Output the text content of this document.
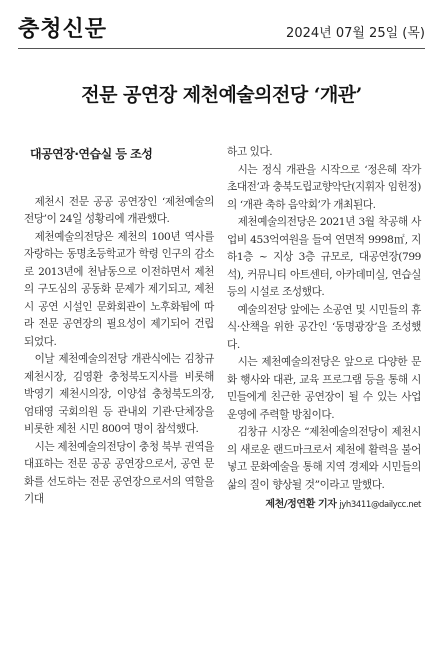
충청신문	2024년 07월 25일 (목)
전문 공연장 제천예술의전당 ‘개관’
대공연장·연습실 등 조성

제천시 전문 공공 공연장인 ‘제천예술의전당’이 24일 성황리에 개관했다.

제천예술의전당은 제천의 100년 역사를 자랑하는 동명초등학교가 학령 인구의 감소로 2013년에 천남동으로 이전하면서 제천의 구도심의 공동화 문제가 제기되고, 제천시 공연 시설인 문화회관이 노후화됨에 따라 전문 공연장의 필요성이 제기되어 건립되었다.

이날 제천예술의전당 개관식에는 김창규 제천시장, 김영환 충청북도지사를 비롯해 박영기 제천시의장, 이양섭 충청북도의장, 엄태영 국회의원 등 관내외 기관·단체장을 비롯한 제천 시민 800여 명이 참석했다.

시는 제천예술의전당이 충청 북부 권역을 대표하는 전문 공공 공연장으로서, 공연 문화를 선도하는 전문 공연장으로서의 역할을 기대

하고 있다.

시는 정식 개관을 시작으로 ‘정은혜 작가 초대전’과 충북도립교향악단(지휘자 임헌정)의 ‘개관 축하 음악회’가 개최된다.

제천예술의전당은 2021년 3월 착공해 사업비 453억여원을 들여 연면적 9998㎡, 지하1층 ~ 지상 3층 규모로, 대공연장(799석), 커뮤니티 아트센터, 아카데미실, 연습실 등의 시설로 조성했다.

예술의전당 앞에는 소공연 및 시민들의 휴식·산책을 위한 공간인 ‘동명광장’을 조성했다.

시는 제천예술의전당은 앞으로 다양한 문화 행사와 대관, 교육 프로그램 등을 통해 시민들에게 친근한 공연장이 될 수 있는 사업 운영에 주력할 방침이다.

김창규 시장은 “제천예술의전당이 제천시의 새로운 랜드마크로서 제천에 활력을 불어넣고 문화예술을 통해 지역 경제와 시민들의 삶의 질이 향상될 것”이라고 말했다.

제천/정연환 기자 jyh3411@dailycc.net
